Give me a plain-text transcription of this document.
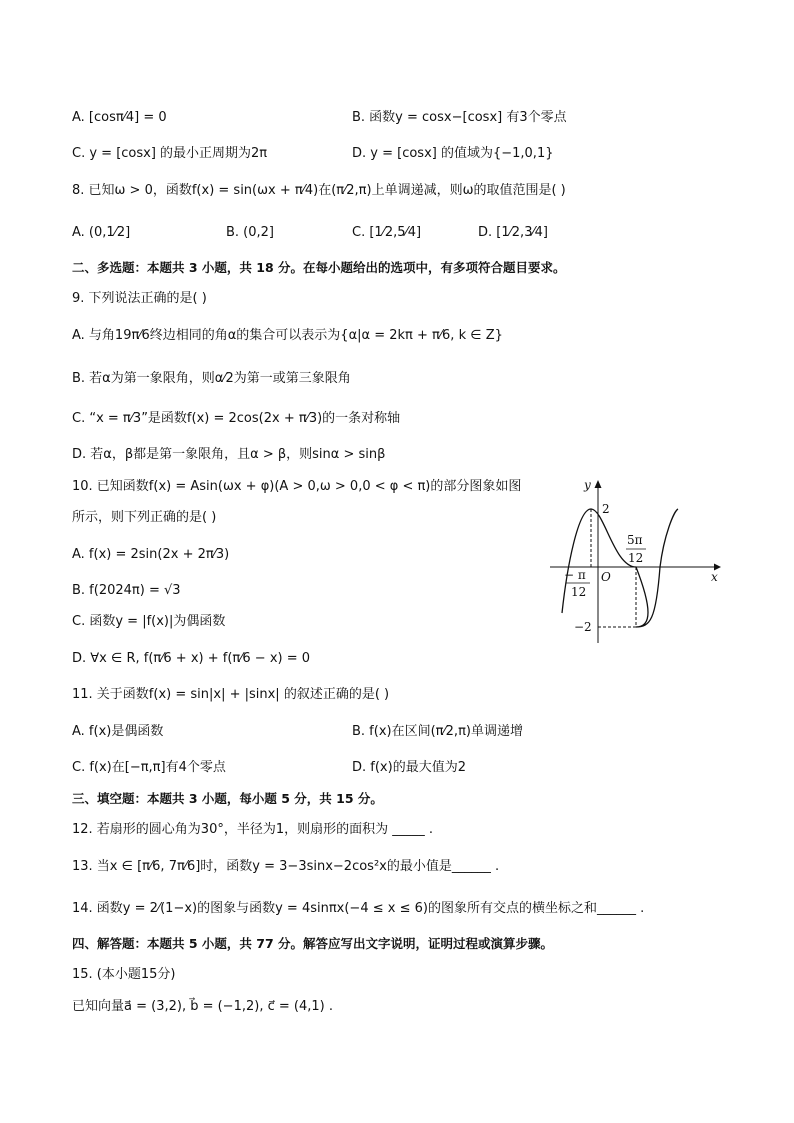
A. [cosπ⁄4] = 0	B. 函数y = cosx−[cosx] 有3个零点
C. y = [cosx] 的最小正周期为2π	D. y = [cosx] 的值域为{−1,0,1}
8. 已知ω > 0，函数f(x) = sin(ωx + π⁄4)在(π⁄2,π)上单调递减，则ω的取值范围是( )
A. (0,1⁄2]	B. (0,2]	C. [1⁄2,5⁄4]	D. [1⁄2,3⁄4]
二、多选题：本题共 3 小题，共 18 分。在每小题给出的选项中，有多项符合题目要求。
9. 下列说法正确的是( )
A. 与角19π⁄6终边相同的角α的集合可以表示为{α|α = 2kπ + π⁄6, k ∈ Z}
B. 若α为第一象限角，则α⁄2为第一或第三象限角
C. “x = π⁄3”是函数f(x) = 2cos(2x + π⁄3)的一条对称轴
D. 若α，β都是第一象限角，且α > β，则sinα > sinβ
10. 已知函数f(x) = Asin(ωx + φ)(A > 0,ω > 0,0 < φ < π)的部分图象如图
所示，则下列正确的是( )
A. f(x) = 2sin(2x + 2π⁄3)
B. f(2024π) = √3
C. 函数y = |f(x)|为偶函数
D. ∀x ∈ R, f(π⁄6 + x) + f(π⁄6 − x) = 0
y
x
O
2
−2
− π
12
5π
12
11. 关于函数f(x) = sin|x| + |sinx| 的叙述正确的是( )
A. f(x)是偶函数	B. f(x)在区间(π⁄2,π)单调递增
C. f(x)在[−π,π]有4个零点	D. f(x)的最大值为2
三、填空题：本题共 3 小题，每小题 5 分，共 15 分。
12. 若扇形的圆心角为30°，半径为1，则扇形的面积为 _____ .
13. 当x ∈ [π⁄6, 7π⁄6]时，函数y = 3−3sinx−2cos²x的最小值是______ .
14. 函数y = 2⁄(1−x)的图象与函数y = 4sinπx(−4 ≤ x ≤ 6)的图象所有交点的横坐标之和______ .
四、解答题：本题共 5 小题，共 77 分。解答应写出文字说明，证明过程或演算步骤。
15. (本小题15分)
已知向量a⃗ = (3,2), b⃗ = (−1,2), c⃗ = (4,1) .
